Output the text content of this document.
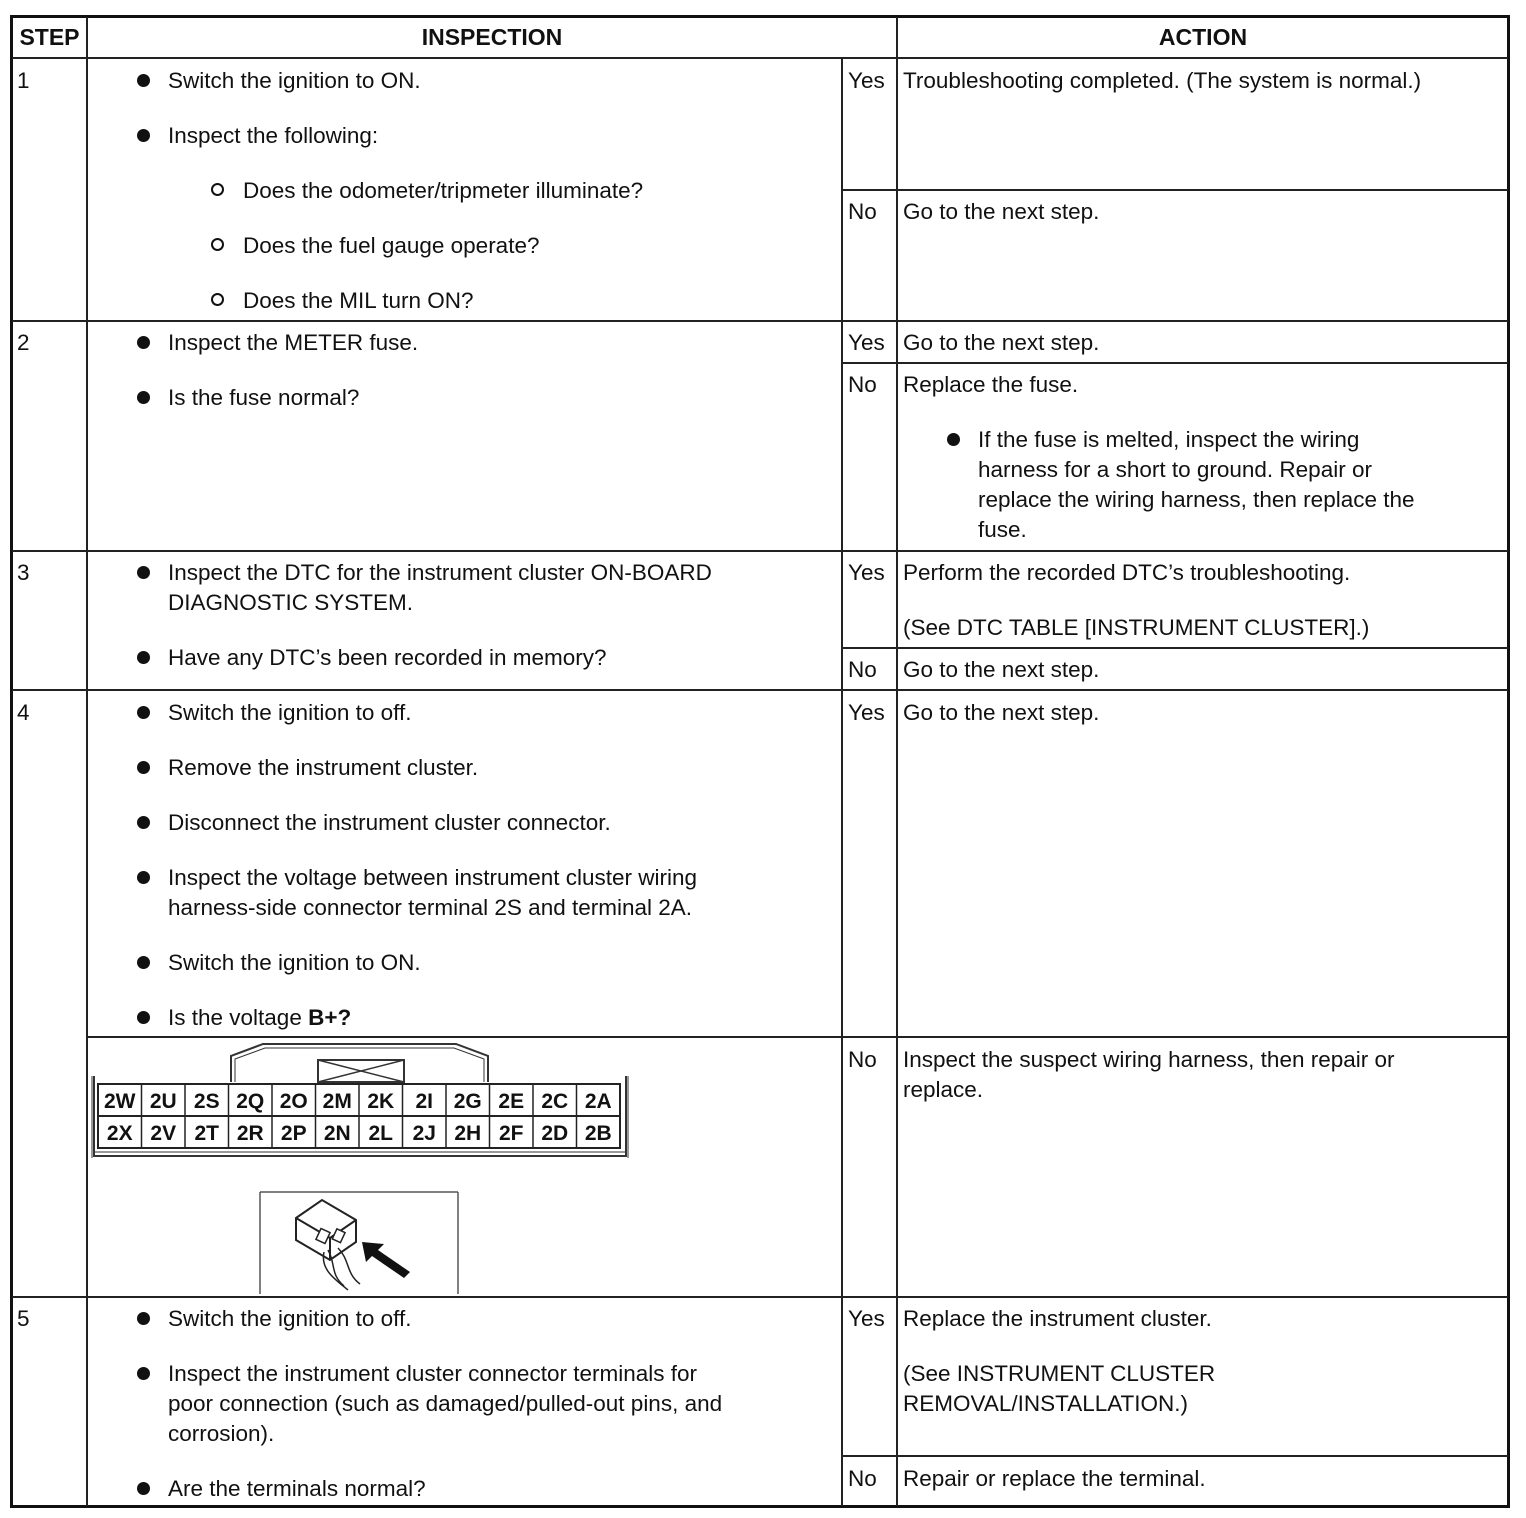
STEP	INSPECTION	ACTION
1	Switch the ignition to ON.
Inspect the following:
Does the odometer/tripmeter illuminate?
Does the fuel gauge operate?
Does the MIL turn ON?
Yes Troubleshooting completed. (The system is normal.)
No Go to the next step.
2	Inspect the METER fuse.
Is the fuse normal?
Yes Go to the next step.
No Replace the fuse.
If the fuse is melted, inspect the wiring
harness for a short to ground. Repair or
replace the wiring harness, then replace the
fuse.
3	Inspect the DTC for the instrument cluster ON-BOARD
DIAGNOSTIC SYSTEM.
Have any DTC’s been recorded in memory?
Yes Perform the recorded DTC’s troubleshooting.
(See DTC TABLE [INSTRUMENT CLUSTER].)
No Go to the next step.
4	Switch the ignition to off.
Remove the instrument cluster.
Disconnect the instrument cluster connector.
Inspect the voltage between instrument cluster wiring
harness-side connector terminal 2S and terminal 2A.
Switch the ignition to ON.
Is the voltage B+?
Yes Go to the next step.
No Inspect the suspect wiring harness, then repair or
replace.
2W 2U 2S 2Q 2O 2M 2K 2I 2G 2E 2C 2A
2X 2V 2T 2R 2P 2N 2L 2J 2H 2F 2D 2B
5	Switch the ignition to off.
Inspect the instrument cluster connector terminals for
poor connection (such as damaged/pulled-out pins, and
corrosion).
Are the terminals normal?
Yes Replace the instrument cluster.
(See INSTRUMENT CLUSTER
REMOVAL/INSTALLATION.)
No Repair or replace the terminal.
